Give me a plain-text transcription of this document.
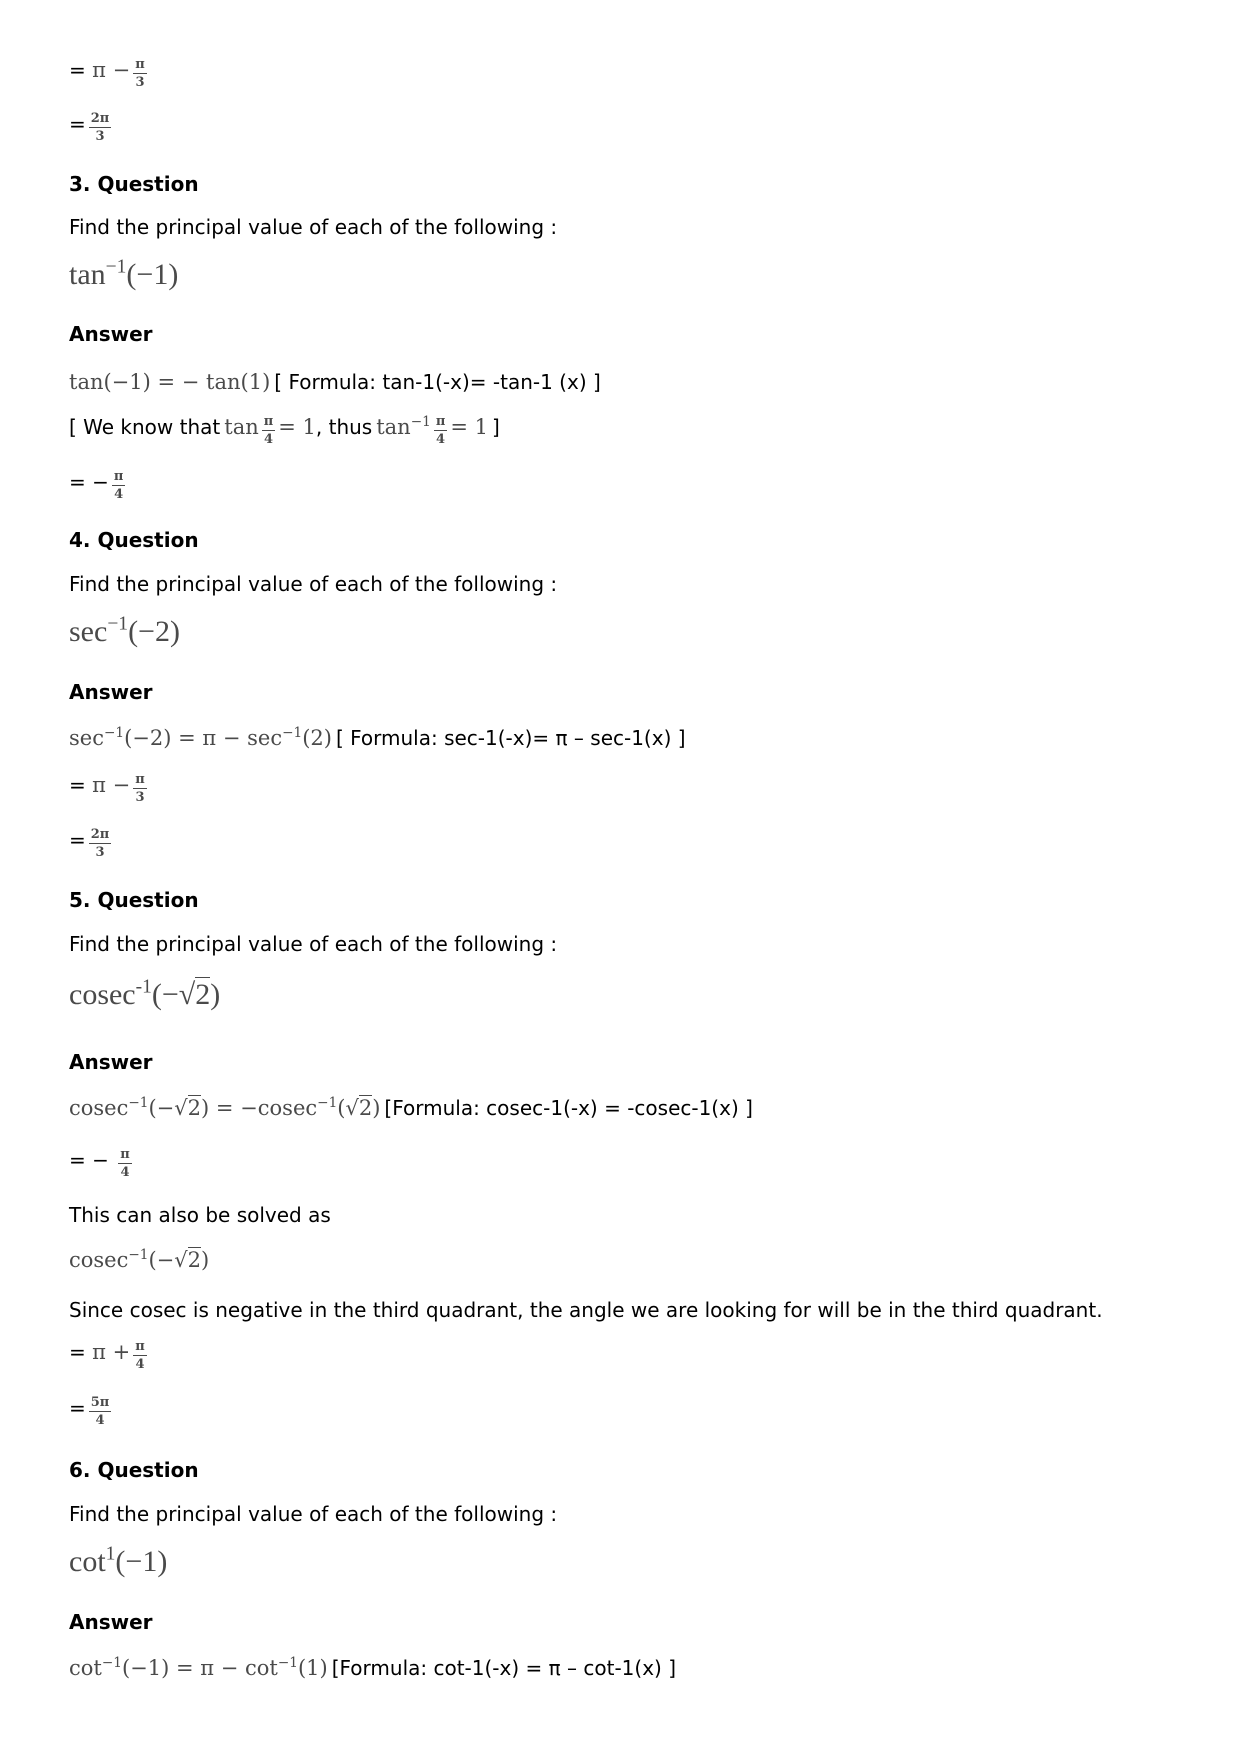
= $\pi - \frac{\pi}{3}$
= $\frac{2\pi}{3}$
3. Question
Find the principal value of each of the following :
$\tan^{-1}(-1)$
Answer
tan(−1) = − tan(1) [ Formula: tan-1(-x)= -tan-1 (x) ]
[ We know that $\tan \frac{\pi}{4} = 1$, thus $\tan^{-1} \frac{\pi}{4} = 1$ ]
= − $\frac{\pi}{4}$
4. Question
Find the principal value of each of the following :
$\sec^{-1}(-2)$
Answer
$\sec^{-1}(-2) = \pi - \sec^{-1}(2)$ [ Formula: sec-1(-x)= π – sec-1(x) ]
= $\pi - \frac{\pi}{3}$
= $\frac{2\pi}{3}$
5. Question
Find the principal value of each of the following :
cosec$^{-1}$(−√2)
Answer
cosec$^{-1}$(−√2) = −cosec$^{-1}$(√2) [Formula: cosec-1(-x) = -cosec-1(x) ]
= − $\frac{\pi}{4}$
This can also be solved as
cosec$^{-1}$(−√2)
Since cosec is negative in the third quadrant, the angle we are looking for will be in the third quadrant.
= $\pi + \frac{\pi}{4}$
= $\frac{5\pi}{4}$
6. Question
Find the principal value of each of the following :
$\cot^1(-1)$
Answer
$\cot^{-1}(-1) = \pi - \cot^{-1}(1)$ [Formula: cot-1(-x) = π – cot-1(x) ]
